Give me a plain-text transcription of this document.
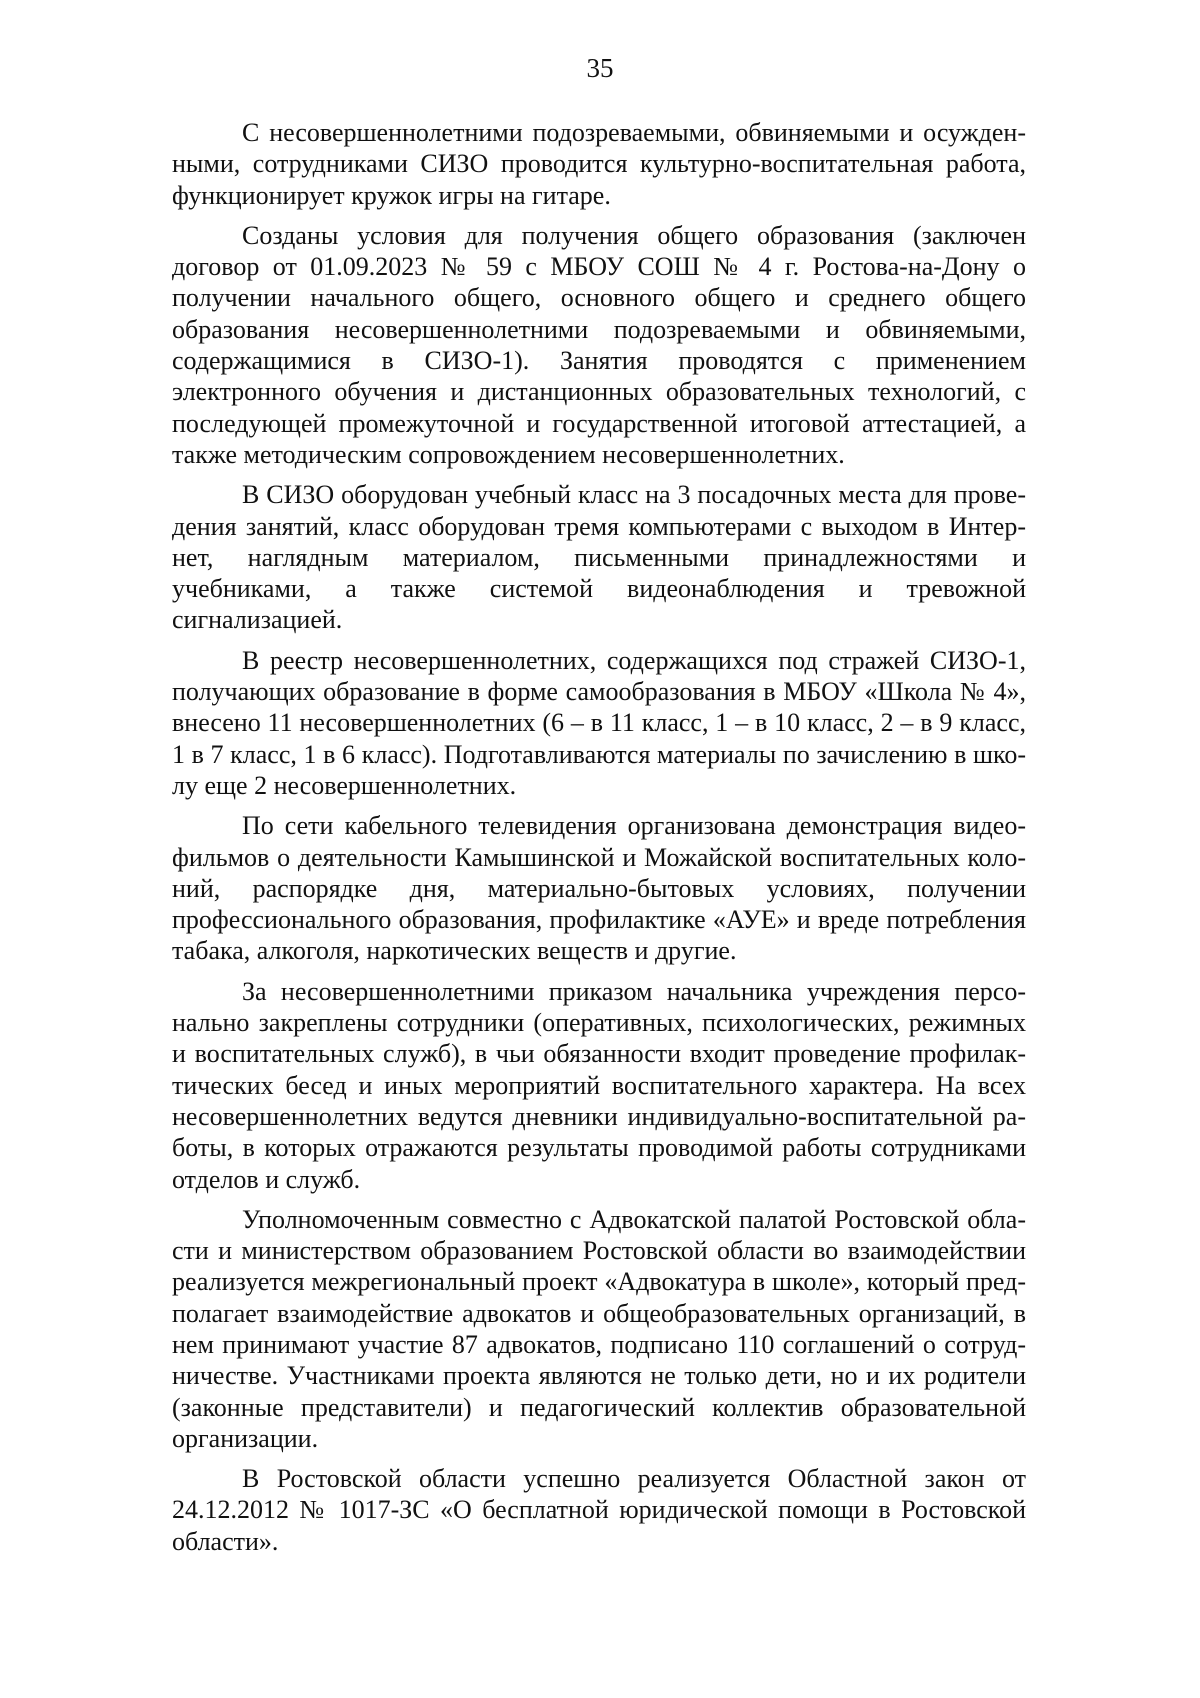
35

С несовершеннолетними подозреваемыми, обвиняемыми и осужденными, сотрудниками СИЗО проводится культурно-воспитательная работа, функционирует кружок игры на гитаре.

Созданы условия для получения общего образования (заключен договор от 01.09.2023 № 59 с МБОУ СОШ № 4 г. Ростова-на-Дону о получении начального общего, основного общего и среднего общего образования несовершеннолетними подозреваемыми и обвиняемыми, содержащимися в СИЗО-1). Занятия проводятся с применением электронного обучения и дистанционных образовательных технологий, с последующей промежуточной и государственной итоговой аттестацией, а также методическим сопровождением несовершеннолетних.

В СИЗО оборудован учебный класс на 3 посадочных места для проведения занятий, класс оборудован тремя компьютерами с выходом в Интернет, наглядным материалом, письменными принадлежностями и учебниками, а также системой видеонаблюдения и тревожной сигнализацией.

В реестр несовершеннолетних, содержащихся под стражей СИЗО-1, получающих образование в форме самообразования в МБОУ «Школа № 4», внесено 11 несовершеннолетних (6 – в 11 класс, 1 – в 10 класс, 2 – в 9 класс, 1 в 7 класс, 1 в 6 класс). Подготавливаются материалы по зачислению в школу еще 2 несовершеннолетних.

По сети кабельного телевидения организована демонстрация видеофильмов о деятельности Камышинской и Можайской воспитательных колоний, распорядке дня, материально-бытовых условиях, получении профессионального образования, профилактике «АУЕ» и вреде потребления табака, алкоголя, наркотических веществ и другие.

За несовершеннолетними приказом начальника учреждения персонально закреплены сотрудники (оперативных, психологических, режимных и воспитательных служб), в чьи обязанности входит проведение профилактических бесед и иных мероприятий воспитательного характера. На всех несовершеннолетних ведутся дневники индивидуально-воспитательной работы, в которых отражаются результаты проводимой работы сотрудниками отделов и служб.

Уполномоченным совместно с Адвокатской палатой Ростовской области и министерством образованием Ростовской области во взаимодействии реализуется межрегиональный проект «Адвокатура в школе», который предполагает взаимодействие адвокатов и общеобразовательных организаций, в нем принимают участие 87 адвокатов, подписано 110 соглашений о сотрудничестве. Участниками проекта являются не только дети, но и их родители (законные представители) и педагогический коллектив образовательной организации.

В Ростовской области успешно реализуется Областной закон от 24.12.2012 № 1017-ЗС «О бесплатной юридической помощи в Ростовской области».
